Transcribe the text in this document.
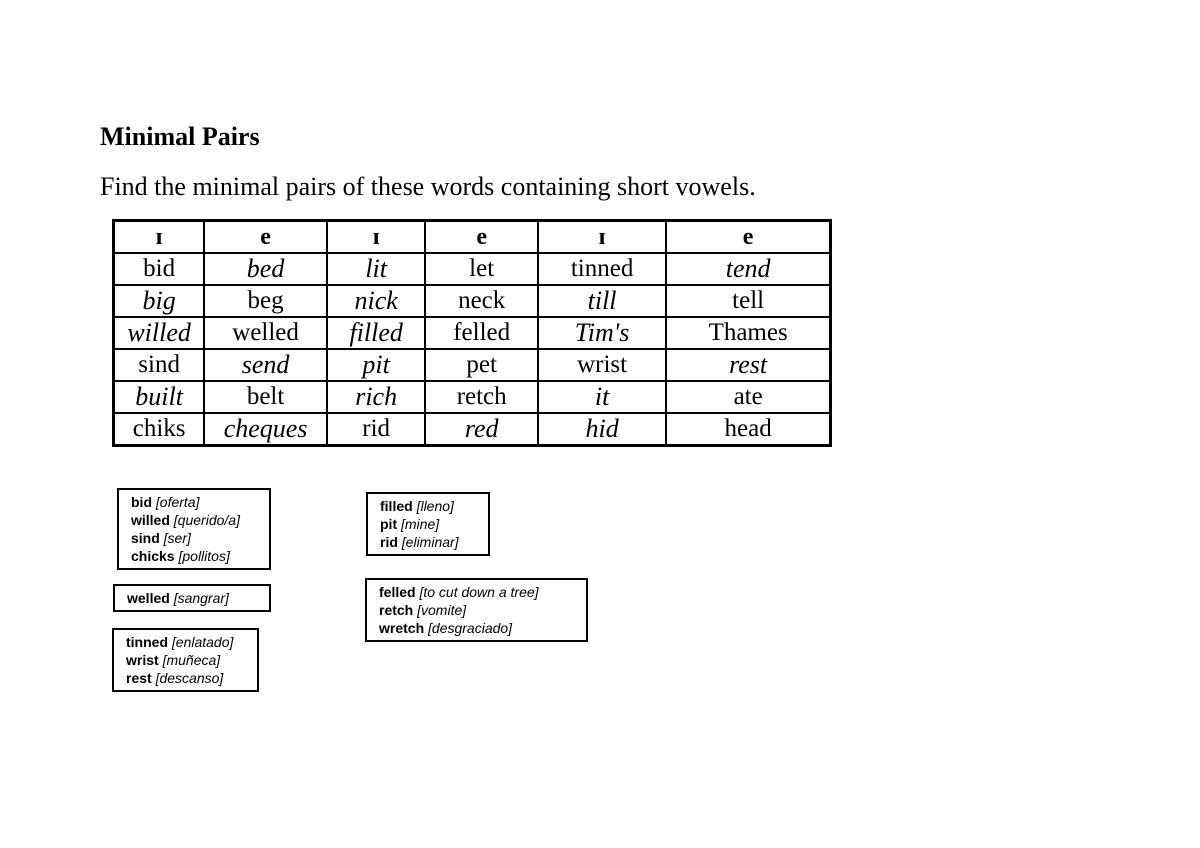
Minimal Pairs
Find the minimal pairs of these words containing short vowels.
ɪ	e	ɪ	e	ɪ	e
bid	bed	lit	let	tinned	tend
big	beg	nick	neck	till	tell
willed	welled	filled	felled	Tim's	Thames
sind	send	pit	pet	wrist	rest
built	belt	rich	retch	it	ate
chiks	cheques	rid	red	hid	head
bid [oferta]
willed [querido/a]
sind [ser]
chicks [pollitos]
welled [sangrar]
tinned [enlatado]
wrist [muñeca]
rest [descanso]
filled [lleno]
pit [mine]
rid [eliminar]
felled [to cut down a tree]
retch [vomite]
wretch [desgraciado]
